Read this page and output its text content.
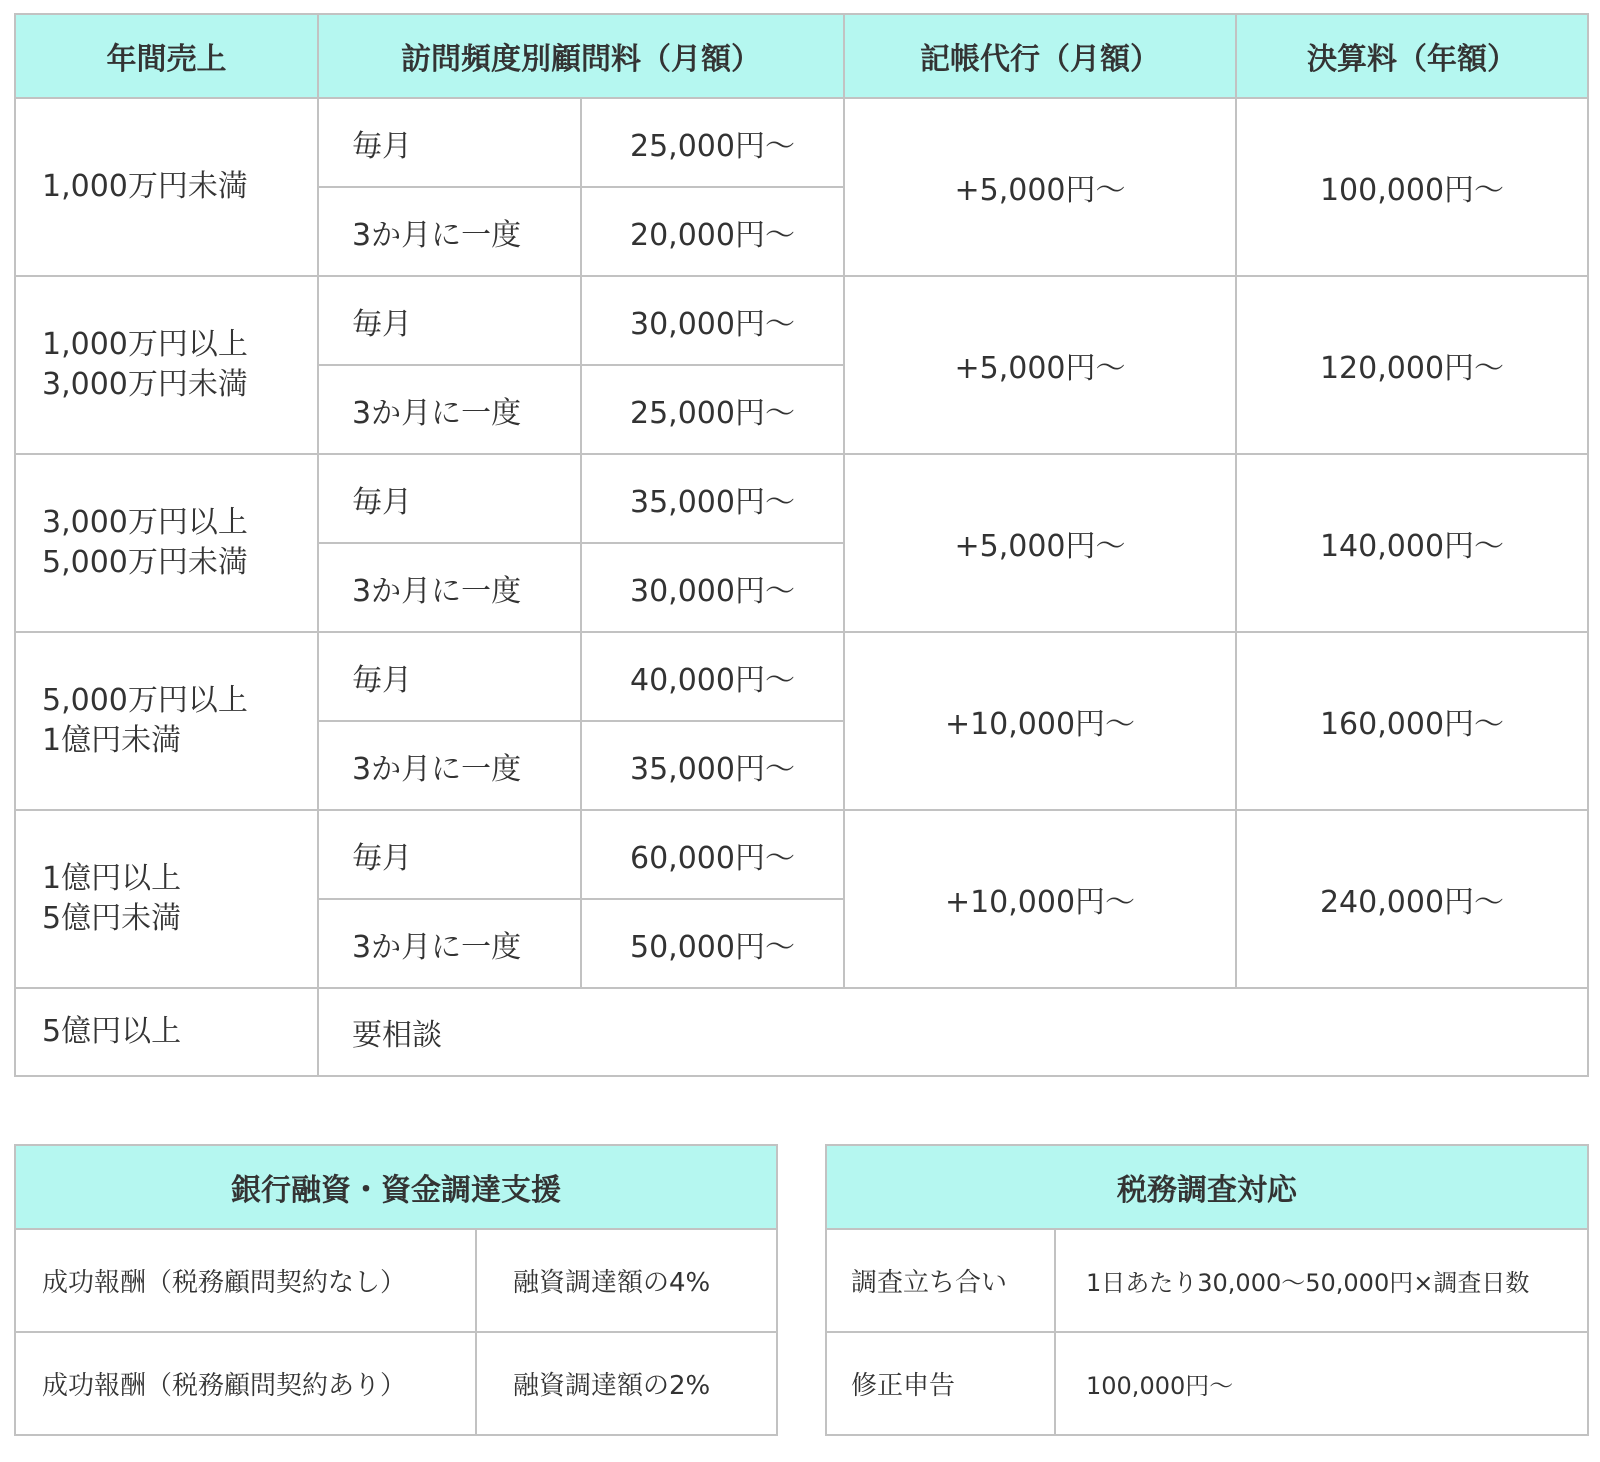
年間売上	訪問頻度別顧問料（月額）		記帳代行（月額）	決算料（年額）

1,000万円未満	毎月	25,000円〜	+5,000円〜	100,000円〜
	3か月に一度	20,000円〜		

1,000万円以上
3,000万円未満	毎月	30,000円〜	+5,000円〜	120,000円〜
	3か月に一度	25,000円〜		

3,000万円以上
5,000万円未満	毎月	35,000円〜	+5,000円〜	140,000円〜
	3か月に一度	30,000円〜		

5,000万円以上
1億円未満	毎月	40,000円〜	+10,000円〜	160,000円〜
	3か月に一度	35,000円〜		

1億円以上
5億円未満	毎月	60,000円〜	+10,000円〜	240,000円〜
	3か月に一度	50,000円〜		
5億円以上	要相談			
銀行融資・資金調達支援	
成功報酬（税務顧問契約なし）	融資調達額の4%
成功報酬（税務顧問契約あり）	融資調達額の2%
税務調査対応	
調査立ち合い	1日あたり30,000〜50,000円×調査日数
修正申告	100,000円〜
